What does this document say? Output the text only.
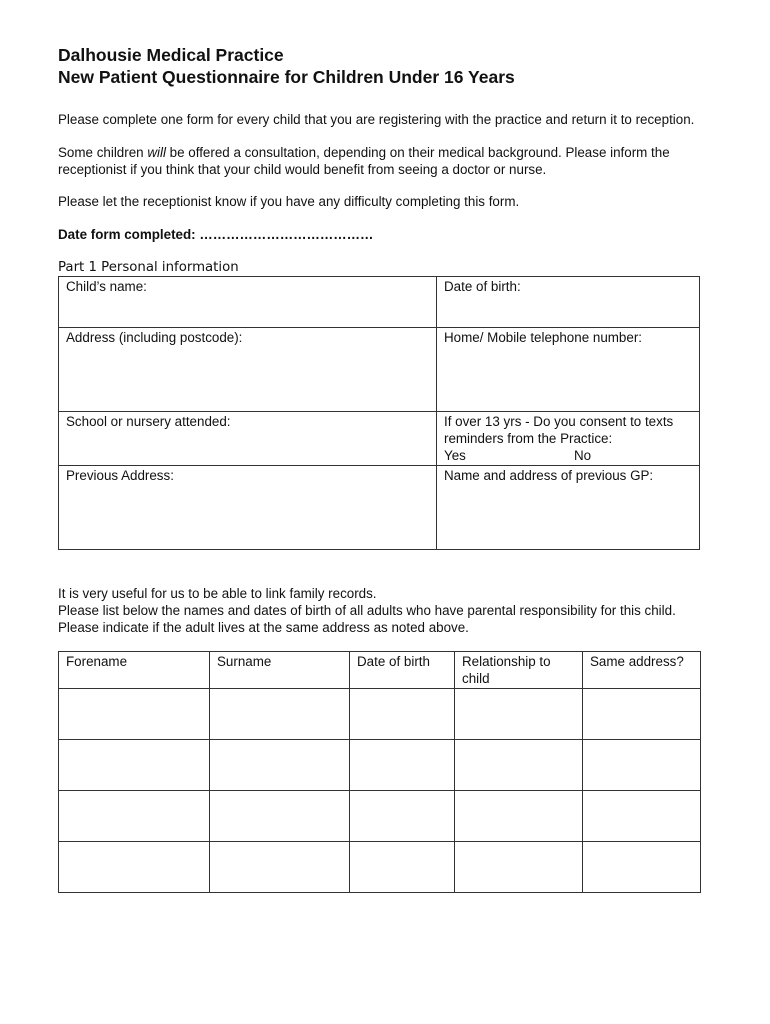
Dalhousie Medical Practice
New Patient Questionnaire for Children Under 16 Years

Please complete one form for every child that you are registering with the practice and return it to reception.

Some children will be offered a consultation, depending on their medical background. Please inform the receptionist if you think that your child would benefit from seeing a doctor or nurse.

Please let the receptionist know if you have any difficulty completing this form.

Date form completed: …………………………………

Part 1 Personal information
Child’s name:	Date of birth:
Address (including postcode):	Home/ Mobile telephone number:
School or nursery attended:	If over 13 yrs - Do you consent to texts reminders from the Practice:
Yes No

Previous Address:	Name and address of previous GP:

It is very useful for us to be able to link family records.

Please list below the names and dates of birth of all adults who have parental responsibility for this child. Please indicate if the adult lives at the same address as noted above.

Forename	Surname	Date of birth	Relationship to child	Same address?
